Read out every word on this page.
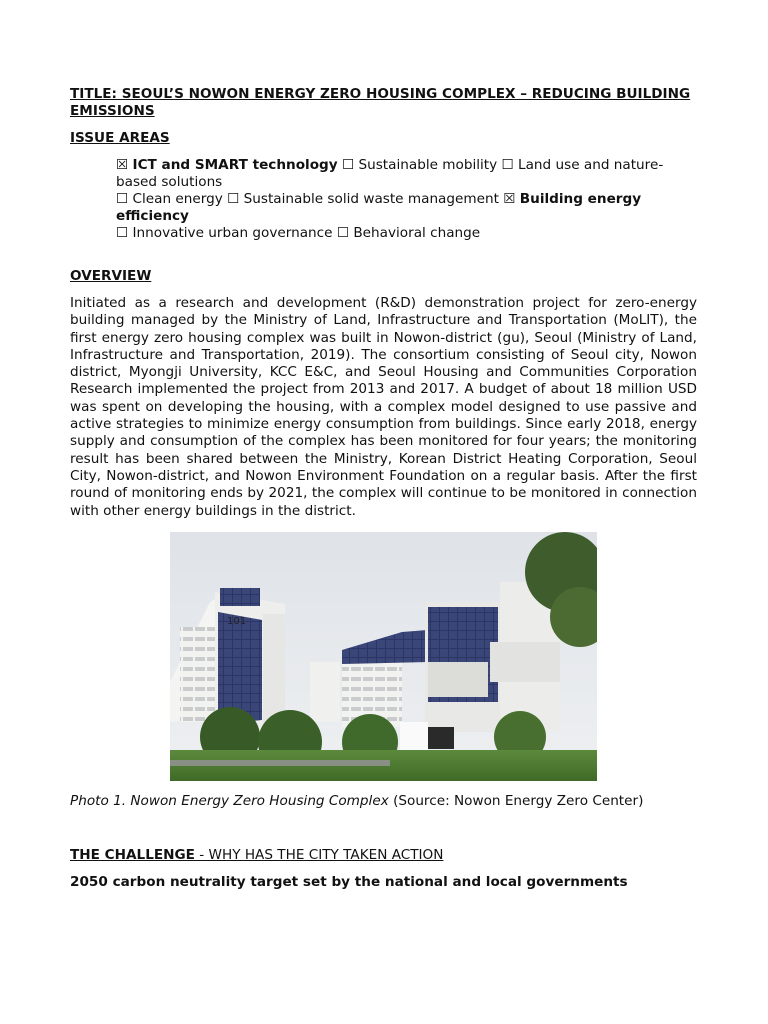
TITLE: SEOUL’S NOWON ENERGY ZERO HOUSING COMPLEX – REDUCING BUILDING EMISSIONS

ISSUE AREAS

☒ ICT and SMART technology ☐ Sustainable mobility ☐ Land use and nature-based solutions
☐ Clean energy ☐ Sustainable solid waste management ☒ Building energy efficiency
☐ Innovative urban governance ☐ Behavioral change

OVERVIEW

Initiated as a research and development (R&D) demonstration project for zero-energy building managed by the Ministry of Land, Infrastructure and Transportation (MoLIT), the first energy zero housing complex was built in Nowon-district (gu), Seoul (Ministry of Land, Infrastructure and Transportation, 2019). The consortium consisting of Seoul city, Nowon district, Myongji University, KCC E&C, and Seoul Housing and Communities Corporation Research implemented the project from 2013 and 2017. A budget of about 18 million USD was spent on developing the housing, with a complex model designed to use passive and active strategies to minimize energy consumption from buildings. Since early 2018, energy supply and consumption of the complex has been monitored for four years; the monitoring result has been shared between the Ministry, Korean District Heating Corporation, Seoul City, Nowon-district, and Nowon Environment Foundation on a regular basis. After the first round of monitoring ends by 2021, the complex will continue to be monitored in connection with other energy buildings in the district.

101
Photo 1. Nowon Energy Zero Housing Complex (Source: Nowon Energy Zero Center)
THE CHALLENGE - WHY HAS THE CITY TAKEN ACTION
2050 carbon neutrality target set by the national and local governments
